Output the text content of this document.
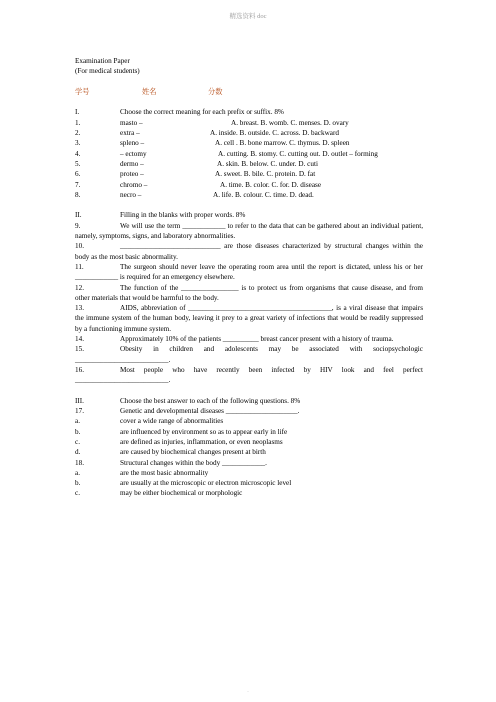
精选资料 doc
Examination Paper
(For medical students)
学号	姓名	分数
I.	Choose the correct meaning for each prefix or suffix. 8%
1.	masto –	A. breast. B. womb. C. menses. D. ovary
2.	extra –	A. inside. B. outside. C. across. D. backward
3.	spleno –	A. cell . B. bone marrow. C. thymus. D. spleen
4.	– ectomy	A. cutting. B. stomy. C. cutting out. D. outlet – forming
5.	dermo –	A. skin. B. below. C. under. D. cuti
6.	proteo –	A. sweet. B. bile. C. protein. D. fat
7.	chromo –	A. time. B. color. C. for. D. disease
8.	necro –	A. life. B. colour. C. time. D. dead.
II.	Filling in the blanks with proper words. 8%
9.	We will use the term ____________ to refer to the data that can be gathered about an individual patient, namely, symptoms, signs, and laboratory abnormalities.
10.	____________________________ are those diseases characterized by structural changes within the body as the most basic abnormality.
11.	The surgeon should never leave the operating room area until the report is dictated, unless his or her ____________ is required for an emergency elsewhere.
12.	The function of the ________________ is to protect us from organisms that cause disease, and from other materials that would be harmful to the body.
13.	AIDS, abbreviation of ________________________________________, is a viral disease that impairs the immune system of the human body, leaving it prey to a great variety of infections that would be readily suppressed by a functioning immune system.
14.	Approximately 10% of the patients __________ breast cancer present with a history of trauma.
15.	Obesity in children and adolescents may be associated with sociopsychologic __________________________.
16.	Most people who have recently been infected by HIV look and feel perfect __________________________.
III.	Choose the best answer to each of the following questions. 8%
17.	Genetic and developmental diseases ____________________.
a.	cover a wide range of abnormalities
b.	are influenced by environment so as to appear early in life
c.	are defined as injuries, inflammation, or even neoplasms
d.	are caused by biochemical changes present at birth
18.	Structural changes within the body ____________.
a.	are the most basic abnormality
b.	are usually at the microscopic or electron microscopic level
c.	may be either biochemical or morphologic
.
